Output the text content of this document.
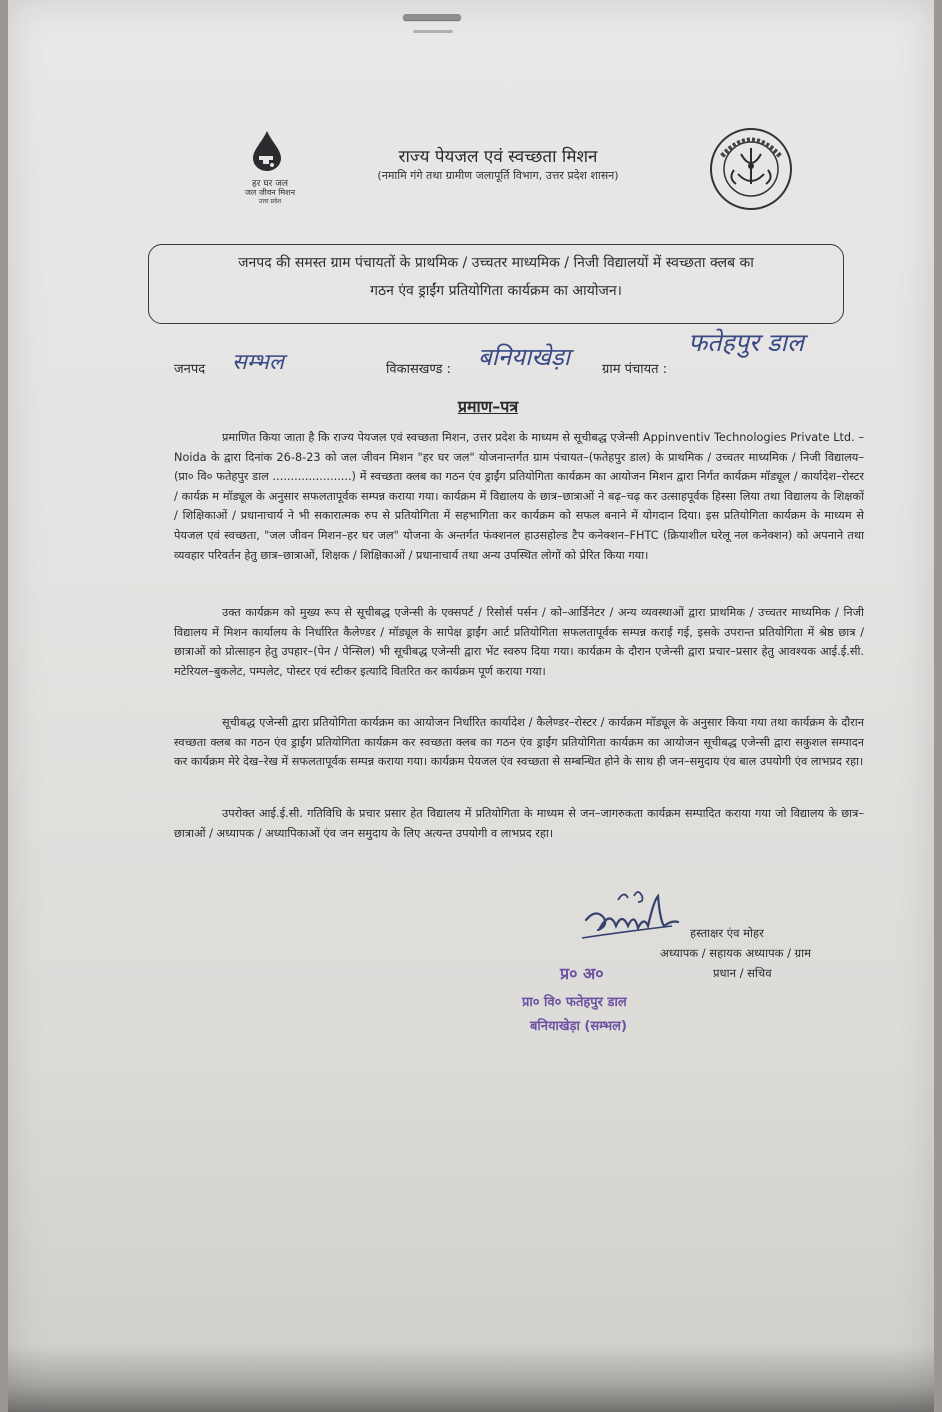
हर घर जल
जल जीवन मिशन
उत्तर प्रदेश
राज्य पेयजल एवं स्वच्छता मिशन
(नमामि गंगे तथा ग्रामीण जलापूर्ति विभाग, उत्तर प्रदेश शासन)
जनपद की समस्त ग्राम पंचायतों के प्राथमिक / उच्चतर माध्यमिक / निजी विद्यालयों में स्वच्छता क्लब का
गठन एंव ड्राईंग प्रतियोगिता कार्यक्रम का आयोजन।
जनपद सम्भल	विकासखण्ड : बनियाखेड़ा ग्राम पंचायत :
फतेहपुर डाल
प्रमाण–पत्र

प्रमाणित किया जाता है कि राज्य पेयजल एवं स्वच्छता मिशन, उत्तर प्रदेश के माध्यम से सूचीबद्ध एजेन्सी Appinventiv Technologies Private Ltd. – Noida के द्वारा दिनांक 26-8-23 को जल जीवन मिशन "हर घर जल" योजनान्तर्गत ग्राम पंचायत–(फतेहपुर डाल) के प्राथमिक / उच्चतर माध्यमिक / निजी विद्यालय–(प्रा० वि० फतेहपुर डाल ......................) में स्वच्छता क्लब का गठन एंव ड्राईंग प्रतियोगिता कार्यक्रम का आयोजन मिशन द्वारा निर्गत कार्यक्रम मॉड्यूल / कार्यादेश–रोस्टर / कार्यक्र म मॉड्यूल के अनुसार सफलतापूर्वक सम्पन्न कराया गया। कार्यक्रम में विद्यालय के छात्र–छात्राओं ने बढ़–चढ़ कर उत्साहपूर्वक हिस्सा लिया तथा विद्यालय के शिक्षकों / शिक्षिकाओं / प्रधानाचार्य ने भी सकारात्मक रुप से प्रतियोगिता में सहभागिता कर कार्यक्रम को सफल बनाने में योगदान दिया। इस प्रतियोगिता कार्यक्रम के माध्यम से पेयजल एवं स्वच्छता, "जल जीवन मिशन–हर घर जल" योजना के अन्तर्गत फंक्शनल हाउसहोल्ड टैप कनेक्शन–FHTC (क्रियाशील घरेलू नल कनेक्शन) को अपनाने तथा व्यवहार परिवर्तन हेतु छात्र–छात्राओं, शिक्षक / शिक्षिकाओं / प्रधानाचार्य तथा अन्य उपस्थित लोगों को प्रेरित किया गया।

उक्त कार्यक्रम को मुख्य रूप से सूचीबद्ध एजेन्सी के एक्सपर्ट / रिसोर्स पर्सन / को–आर्डिनेटर / अन्य व्यवस्थाओं द्वारा प्राथमिक / उच्चतर माध्यमिक / निजी विद्यालय में मिशन कार्यालय के निर्धारित कैलेण्डर / मॉड्यूल के सापेक्ष ड्राईंग आर्ट प्रतियोगिता सफलतापूर्वक सम्पन्न कराई गई, इसके उपरान्त प्रतियोगिता में श्रेष्ठ छात्र / छात्राओं को प्रोत्साहन हेतु उपहार–(पेन / पेन्सिल) भी सूचीबद्ध एजेन्सी द्वारा भेंट स्वरुप दिया गया। कार्यक्रम के दौरान एजेन्सी द्वारा प्रचार–प्रसार हेतु आवश्यक आई.ई.सी. मटेरियल–बुकलेट, पम्पलेट, पोस्टर एवं स्टीकर इत्यादि वितरित कर कार्यक्रम पूर्ण कराया गया।

सूचीबद्ध एजेन्सी द्वारा प्रतियोगिता कार्यक्रम का आयोजन निर्धारित कार्यादेश / कैलेण्डर–रोस्टर / कार्यक्रम मॉड्यूल के अनुसार किया गया तथा कार्यक्रम के दौरान स्वच्छता क्लब का गठन एंव ड्राईंग प्रतियोगिता कार्यक्रम कर स्वच्छता क्लब का गठन एंव ड्राईंग प्रतियोगिता कार्यक्रम का आयोजन सूचीबद्ध एजेन्सी द्वारा सकुशल सम्पादन कर कार्यक्रम मेरे देख–रेख में सफलतापूर्वक सम्पन्न कराया गया। कार्यक्रम पेयजल एंव स्वच्छता से सम्बन्धित होने के साथ ही जन–समुदाय एंव बाल उपयोगी एंव लाभप्रद रहा।

उपरोक्त आई.ई.सी. गतिविधि के प्रचार प्रसार हेत विद्यालय में प्रतियोगिता के माध्यम से जन–जागरुकता कार्यक्रम सम्पादित कराया गया जो विद्यालय के छात्र–छात्राओं / अध्यापक / अध्यापिकाओं एंव जन समुदाय के लिए अत्यन्त उपयोगी व लाभप्रद रहा।

हस्ताक्षर एंव मोहर
अध्यापक / सहायक अध्यापक / ग्राम
प्रधान / सचिव
प्र० अ०
प्रा० वि० फतेहपुर डाल
बनियाखेड़ा (सम्भल)
